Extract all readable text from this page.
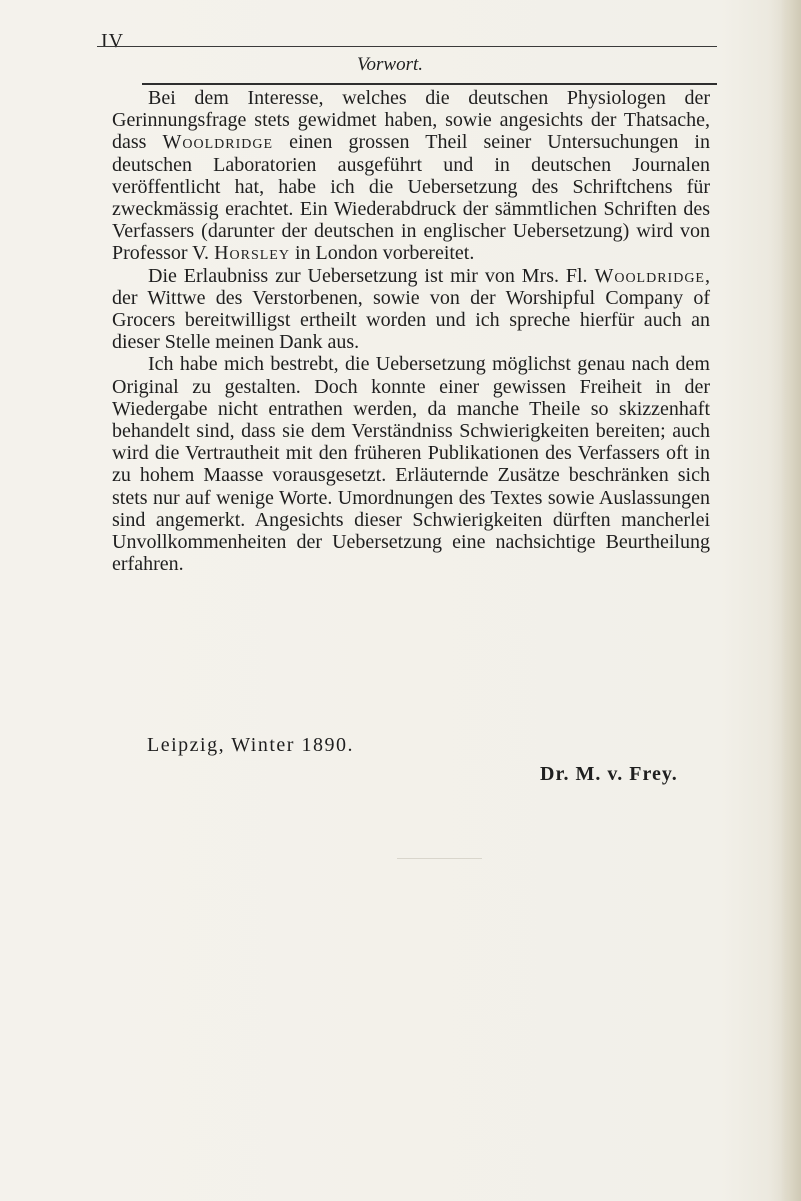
IV
Vorwort.

Bei dem Interesse, welches die deutschen Physiologen der Gerinnungsfrage stets gewidmet haben, sowie angesichts der Thatsache, dass Wooldridge einen grossen Theil seiner Untersuchungen in deutschen Laboratorien ausgeführt und in deutschen Journalen veröffentlicht hat, habe ich die Uebersetzung des Schriftchens für zweckmässig erachtet. Ein Wiederabdruck der sämmtlichen Schriften des Verfassers (darunter der deutschen in englischer Uebersetzung) wird von Professor V. Horsley in London vorbereitet.

Die Erlaubniss zur Uebersetzung ist mir von Mrs. Fl. Wooldridge, der Wittwe des Verstorbenen, sowie von der Worshipful Company of Grocers bereitwilligst ertheilt worden und ich spreche hierfür auch an dieser Stelle meinen Dank aus.

Ich habe mich bestrebt, die Uebersetzung möglichst genau nach dem Original zu gestalten. Doch konnte einer gewissen Freiheit in der Wiedergabe nicht entrathen werden, da manche Theile so skizzenhaft behandelt sind, dass sie dem Verständniss Schwierigkeiten bereiten; auch wird die Vertrautheit mit den früheren Publikationen des Verfassers oft in zu hohem Maasse vorausgesetzt. Erläuternde Zusätze beschränken sich stets nur auf wenige Worte. Umordnungen des Textes sowie Auslassungen sind angemerkt. Angesichts dieser Schwierigkeiten dürften mancherlei Unvollkommenheiten der Uebersetzung eine nachsichtige Beurtheilung erfahren.

Leipzig, Winter 1890.
Dr. M. v. Frey.
